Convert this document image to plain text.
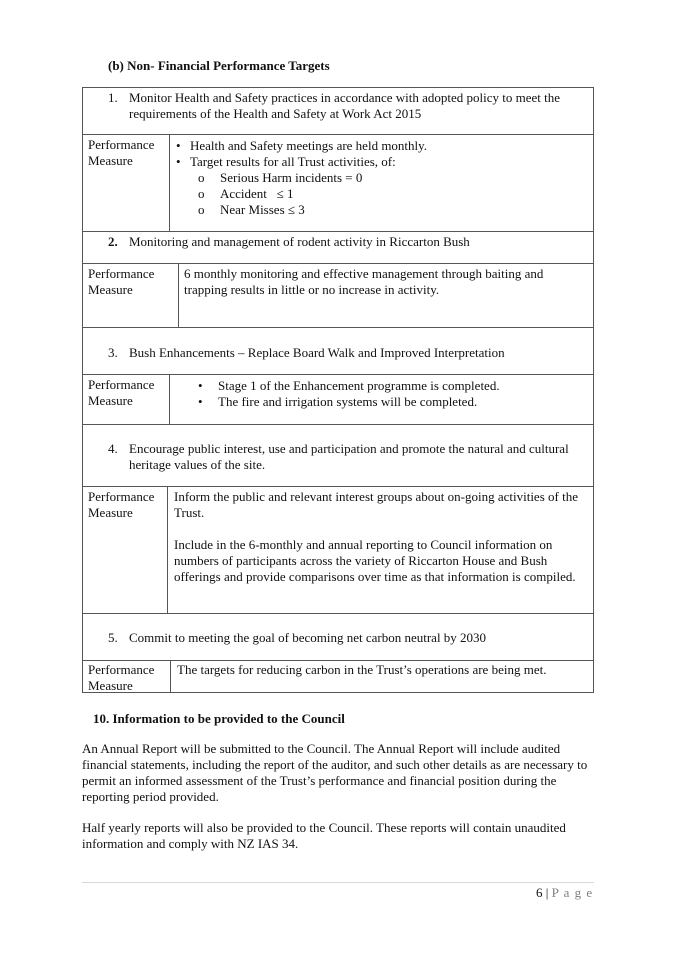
(b) Non- Financial Performance Targets
1. Monitor Health and Safety practices in accordance with adopted policy to meet the requirements of the Health and Safety at Work Act 2015
Performance
Measure
• Health and Safety meetings are held monthly.
• Target results for all Trust activities, of:
o Serious Harm incidents = 0
o Accident   ≤ 1
o Near Misses ≤ 3
2. Monitoring and management of rodent activity in Riccarton Bush
Performance
Measure
6 monthly monitoring and effective management through baiting and trapping results in little or no increase in activity.
3. Bush Enhancements – Replace Board Walk and Improved Interpretation
Performance
Measure
• Stage 1 of the Enhancement programme is completed.
• The fire and irrigation systems will be completed.
4. Encourage public interest, use and participation and promote the natural and cultural heritage values of the site.
Performance
Measure

Inform the public and relevant interest groups about on-going activities of the Trust.

Include in the 6-monthly and annual reporting to Council information on numbers of participants across the variety of Riccarton House and Bush offerings and provide comparisons over time as that information is compiled.

5. Commit to meeting the goal of becoming net carbon neutral by 2030
Performance
Measure
The targets for reducing carbon in the Trust’s operations are being met.
10. Information to be provided to the Council

An Annual Report will be submitted to the Council. The Annual Report will include audited financial statements, including the report of the auditor, and such other details as are necessary to permit an informed assessment of the Trust’s performance and financial position during the reporting period provided.

Half yearly reports will also be provided to the Council. These reports will contain unaudited information and comply with NZ IAS 34.

6 | P a g e
